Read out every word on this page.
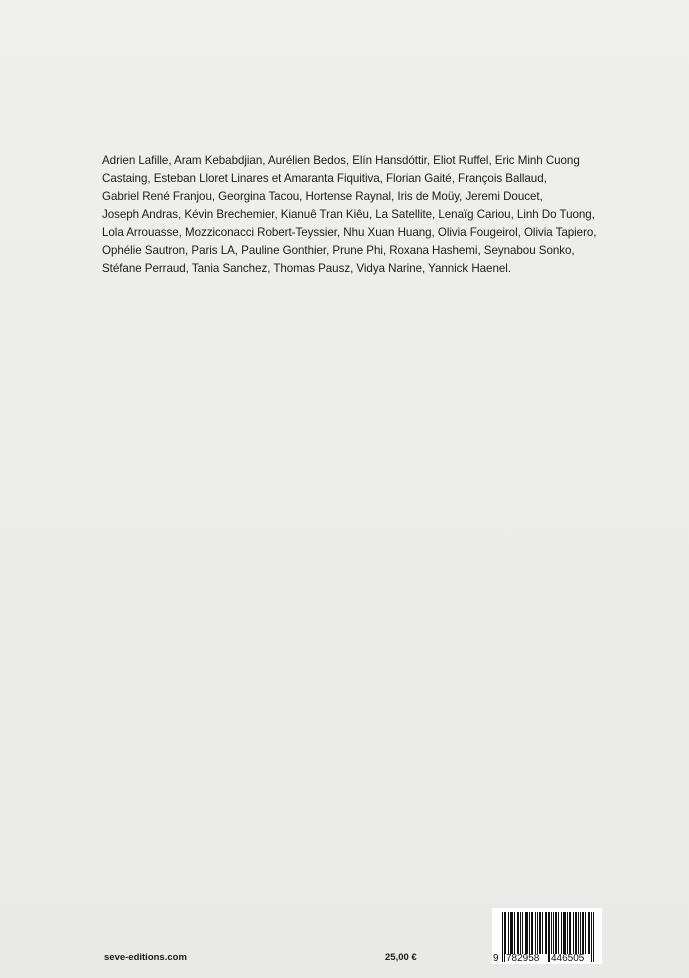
Adrien Lafille, Aram Kebabdjian, Aurélien Bedos, Elín Hansdóttir, Eliot Ruffel, Eric Minh Cuong
Castaing, Esteban Lloret Linares et Amaranta Fiquitiva, Florian Gaité, François Ballaud,
Gabriel René Franjou, Georgina Tacou, Hortense Raynal, Iris de Moüy, Jeremi Doucet,
Joseph Andras, Kévin Brechemier, Kianuê Tran Kiêu, La Satellite, Lenaïg Cariou, Linh Do Tuong,
Lola Arrouasse, Mozziconacci Robert-Teyssier, Nhu Xuan Huang, Olivia Fougeirol, Olivia Tapiero,
Ophélie Sautron, Paris LA, Pauline Gonthier, Prune Phi, Roxana Hashemi, Seynabou Sonko,
Stéfane Perraud, Tania Sanchez, Thomas Pausz, Vidya Narine, Yannick Haenel.
seve-editions.com	25,00 €	9 782958 446505
